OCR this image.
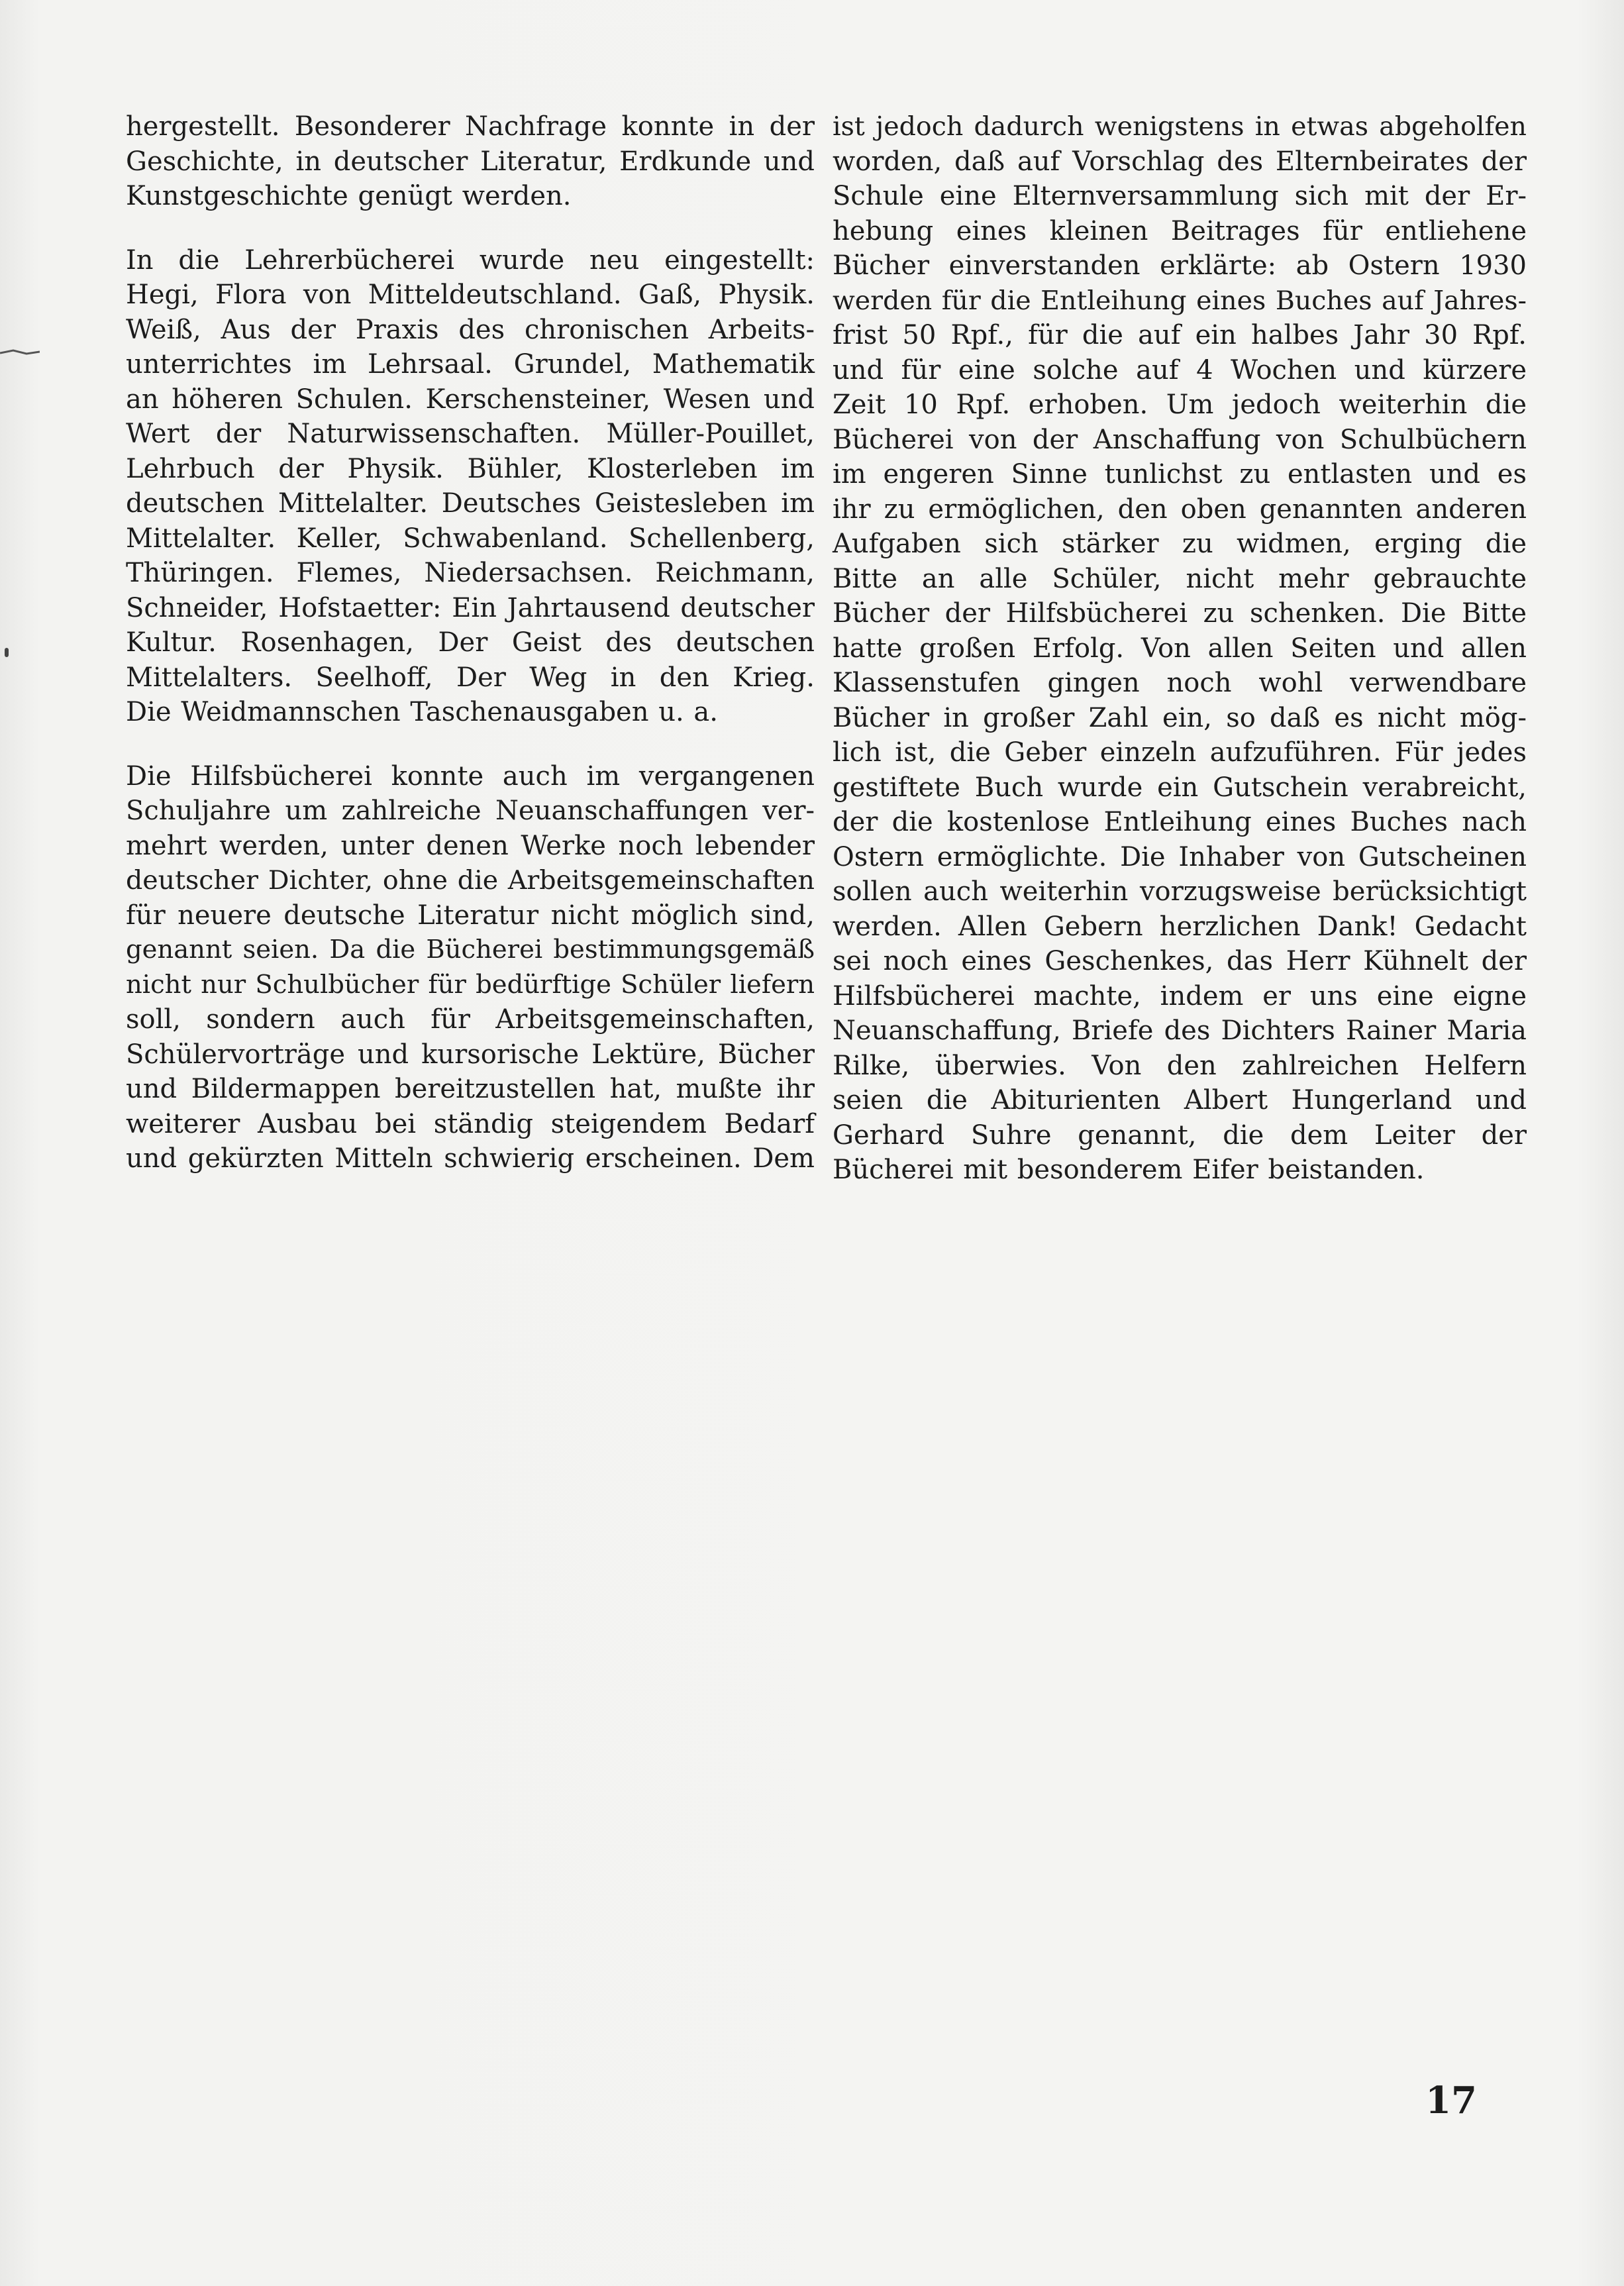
hergestellt. Besonderer Nachfrage konnte in der
Geschichte, in deutscher Literatur, Erdkunde und
Kunstgeschichte genügt werden.
In die Lehrerbücherei wurde neu eingestellt:
Hegi, Flora von Mitteldeutschland. Gaß, Physik.
Weiß, Aus der Praxis des chronischen Arbeits-
unterrichtes im Lehrsaal. Grundel, Mathematik
an höheren Schulen. Kerschensteiner, Wesen und
Wert der Naturwissenschaften. Müller-Pouillet,
Lehrbuch der Physik. Bühler, Klosterleben im
deutschen Mittelalter. Deutsches Geistesleben im
Mittelalter. Keller, Schwabenland. Schellenberg,
Thüringen. Flemes, Niedersachsen. Reichmann,
Schneider, Hofstaetter: Ein Jahrtausend deutscher
Kultur. Rosenhagen, Der Geist des deutschen
Mittelalters. Seelhoff, Der Weg in den Krieg.
Die Weidmannschen Taschenausgaben u. a.
Die Hilfsbücherei konnte auch im vergangenen
Schuljahre um zahlreiche Neuanschaffungen ver-
mehrt werden, unter denen Werke noch lebender
deutscher Dichter, ohne die Arbeitsgemeinschaften
für neuere deutsche Literatur nicht möglich sind,
genannt seien. Da die Bücherei bestimmungsgemäß
nicht nur Schulbücher für bedürftige Schüler liefern
soll, sondern auch für Arbeitsgemeinschaften,
Schülervorträge und kursorische Lektüre, Bücher
und Bildermappen bereitzustellen hat, mußte ihr
weiterer Ausbau bei ständig steigendem Bedarf
und gekürzten Mitteln schwierig erscheinen. Dem
ist jedoch dadurch wenigstens in etwas abgeholfen
worden, daß auf Vorschlag des Elternbeirates der
Schule eine Elternversammlung sich mit der Er-
hebung eines kleinen Beitrages für entliehene
Bücher einverstanden erklärte: ab Ostern 1930
werden für die Entleihung eines Buches auf Jahres-
frist 50 Rpf., für die auf ein halbes Jahr 30 Rpf.
und für eine solche auf 4 Wochen und kürzere
Zeit 10 Rpf. erhoben. Um jedoch weiterhin die
Bücherei von der Anschaffung von Schulbüchern
im engeren Sinne tunlichst zu entlasten und es
ihr zu ermöglichen, den oben genannten anderen
Aufgaben sich stärker zu widmen, erging die
Bitte an alle Schüler, nicht mehr gebrauchte
Bücher der Hilfsbücherei zu schenken. Die Bitte
hatte großen Erfolg. Von allen Seiten und allen
Klassenstufen gingen noch wohl verwendbare
Bücher in großer Zahl ein, so daß es nicht mög-
lich ist, die Geber einzeln aufzuführen. Für jedes
gestiftete Buch wurde ein Gutschein verabreicht,
der die kostenlose Entleihung eines Buches nach
Ostern ermöglichte. Die Inhaber von Gutscheinen
sollen auch weiterhin vorzugsweise berücksichtigt
werden. Allen Gebern herzlichen Dank! Gedacht
sei noch eines Geschenkes, das Herr Kühnelt der
Hilfsbücherei machte, indem er uns eine eigne
Neuanschaffung, Briefe des Dichters Rainer Maria
Rilke, überwies. Von den zahlreichen Helfern
seien die Abiturienten Albert Hungerland und
Gerhard Suhre genannt, die dem Leiter der
Bücherei mit besonderem Eifer beistanden.
17
